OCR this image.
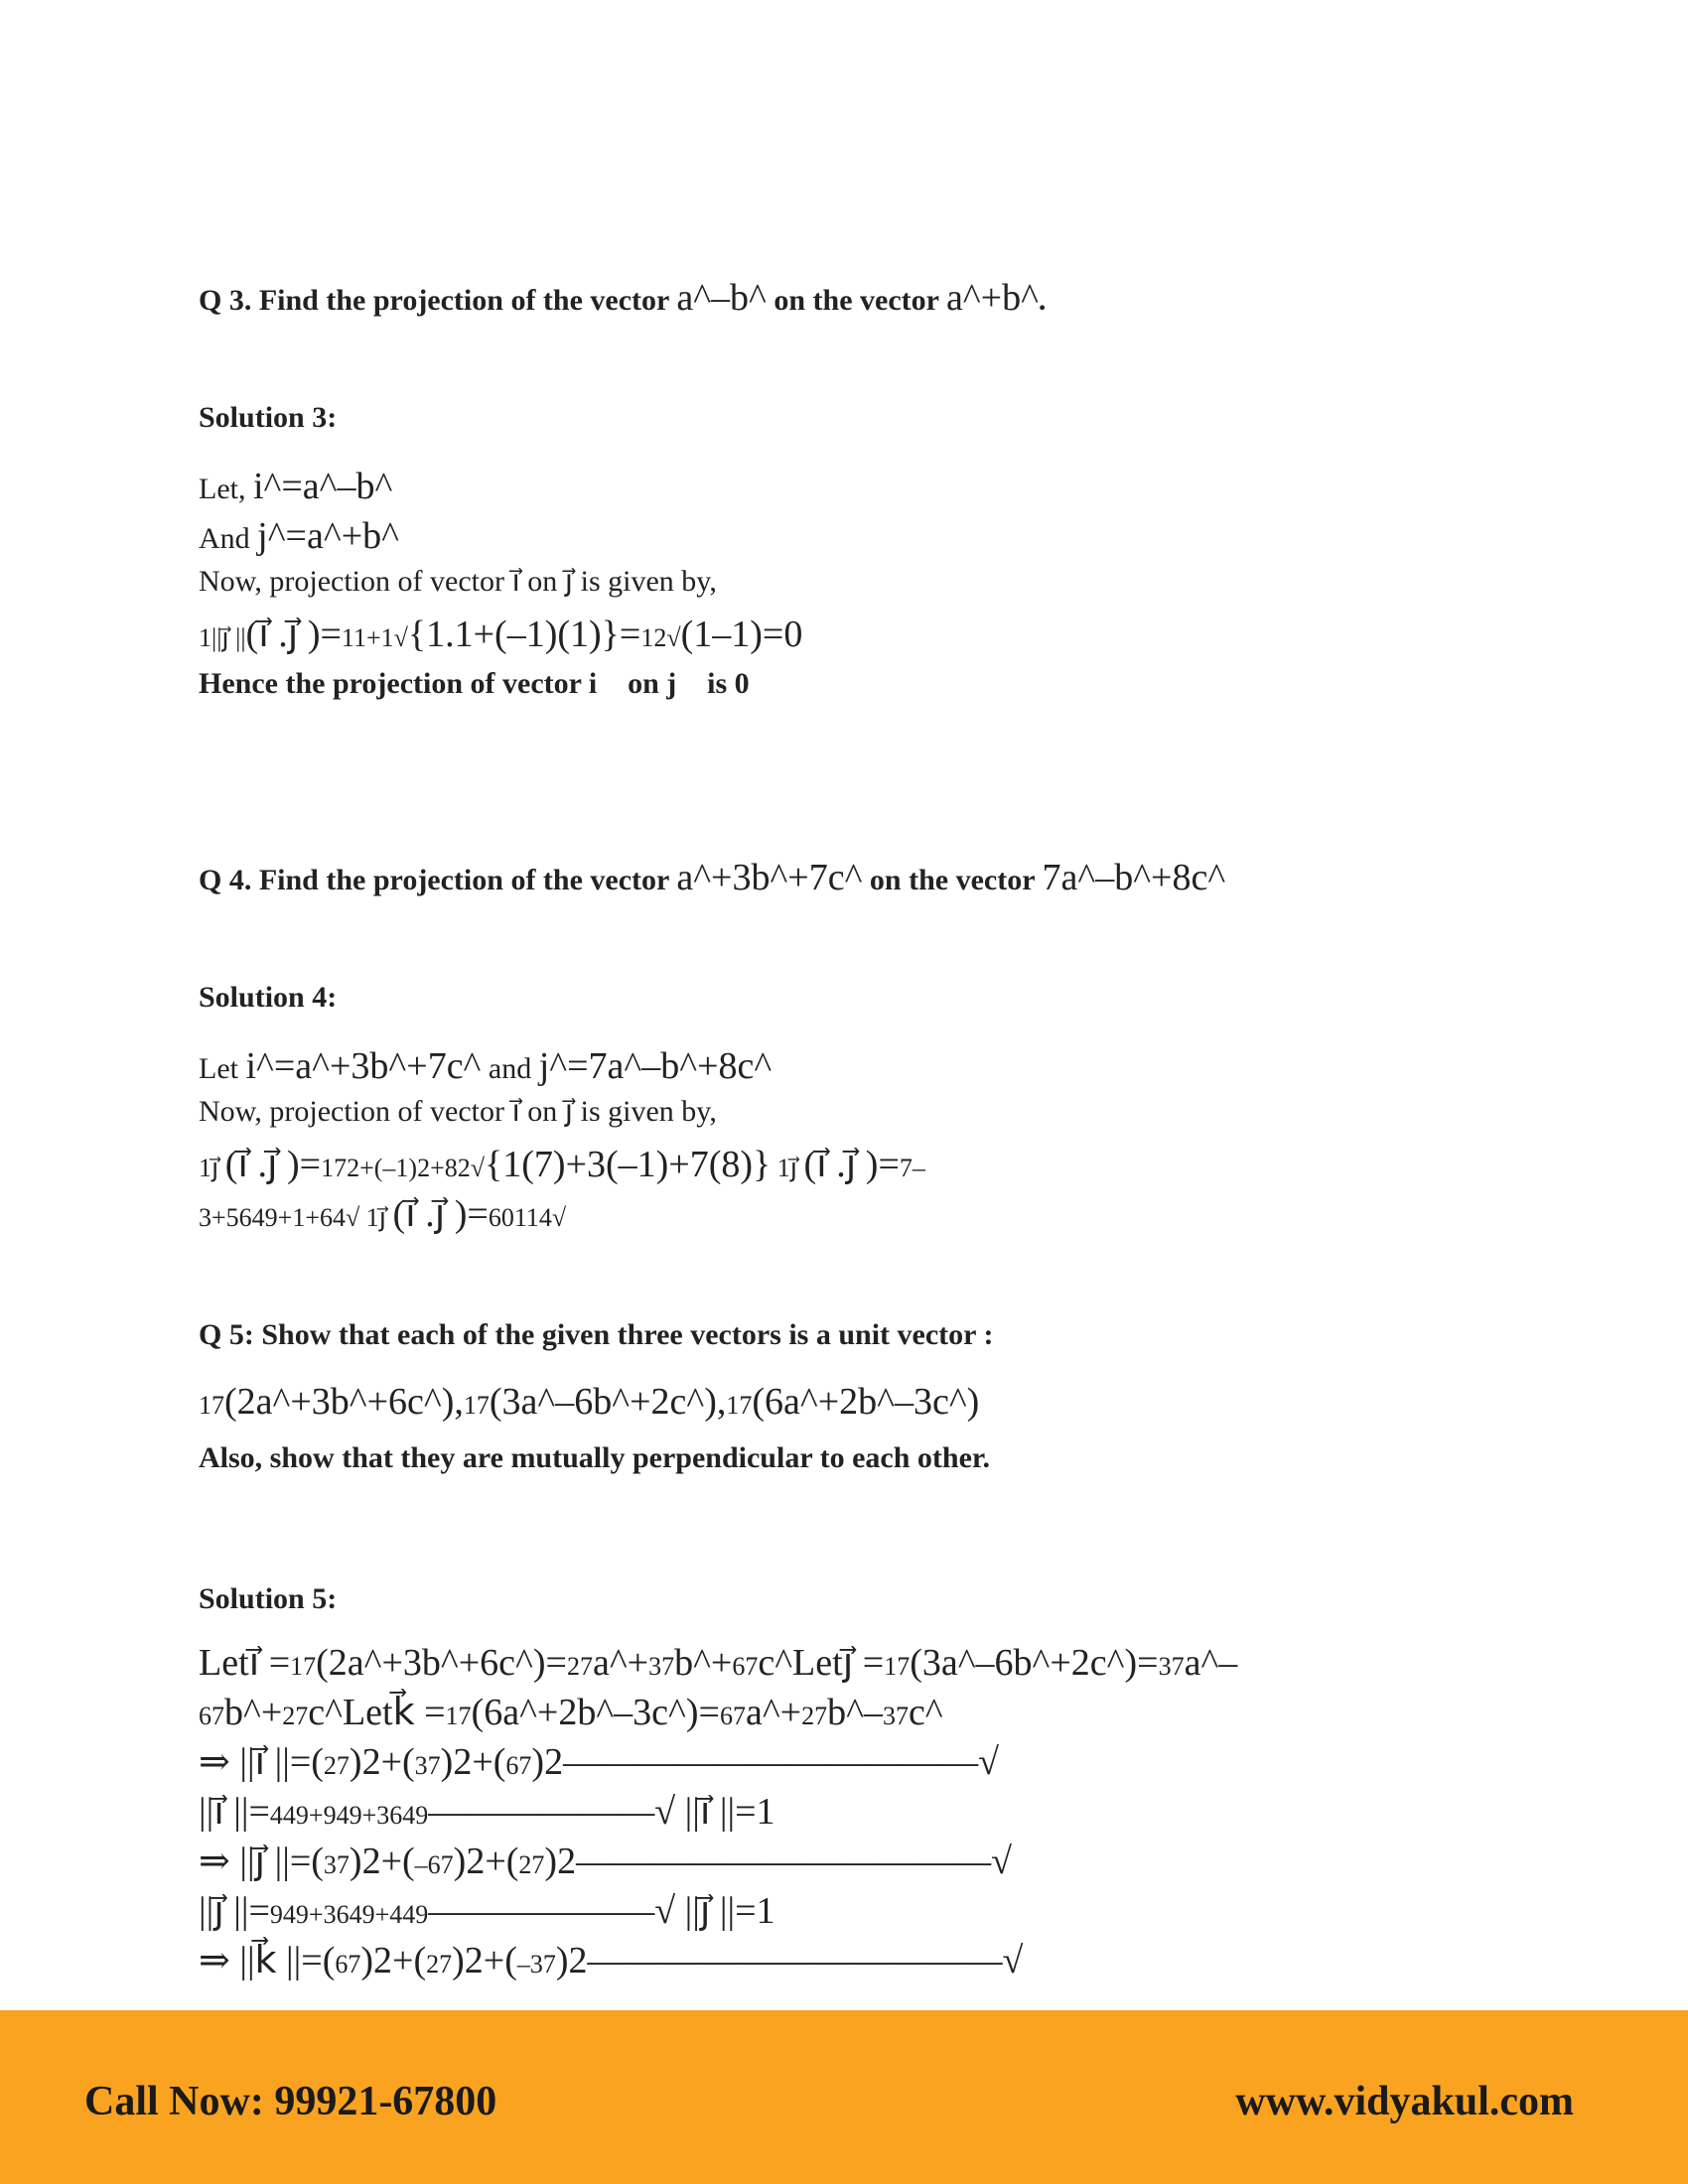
Q 3. Find the projection of the vector a^–b^ on the vector a^+b^.
Solution 3:
Let, i^=a^–b^
And j^=a^+b^
Now, projection of vector i⃗ on j⃗ is given by,
1||j⃗ ||(i⃗ .j⃗ )=11+1√{1.1+(–1)(1)}=12√(1–1)=0
Hence the projection of vector i⃗ on j⃗ is 0
Q 4. Find the projection of the vector a^+3b^+7c^ on the vector 7a^–b^+8c^
Solution 4:
Let i^=a^+3b^+7c^ and j^=7a^–b^+8c^
Now, projection of vector i⃗ on j⃗ is given by,
1j⃗ (i⃗ .j⃗ )=172+(–1)2+82√{1(7)+3(–1)+7(8)} 1j⃗ (i⃗ .j⃗ )=7–
3+5649+1+64√ 1j⃗ (i⃗ .j⃗ )=60114√
Q 5: Show that each of the given three vectors is a unit vector :
17(2a^+3b^+6c^),17(3a^–6b^+2c^),17(6a^+2b^–3c^)
Also, show that they are mutually perpendicular to each other.
Solution 5:
Leti⃗ =17(2a^+3b^+6c^)=27a^+37b^+67c^Letj⃗ =17(3a^–6b^+2c^)=37a^–
67b^+27c^Letk⃗ =17(6a^+2b^–3c^)=67a^+27b^–37c^
⇒ ||i⃗ ||=(27)2+(37)2+(67)2———————————√
||i⃗ ||=449+949+3649——————√ ||i⃗ ||=1
⇒ ||j⃗ ||=(37)2+(–67)2+(27)2———————————√
||j⃗ ||=949+3649+449——————√ ||j⃗ ||=1
⇒ ||k⃗ ||=(67)2+(27)2+(–37)2———————————√
Call Now: 99921-67800	www.vidyakul.com
